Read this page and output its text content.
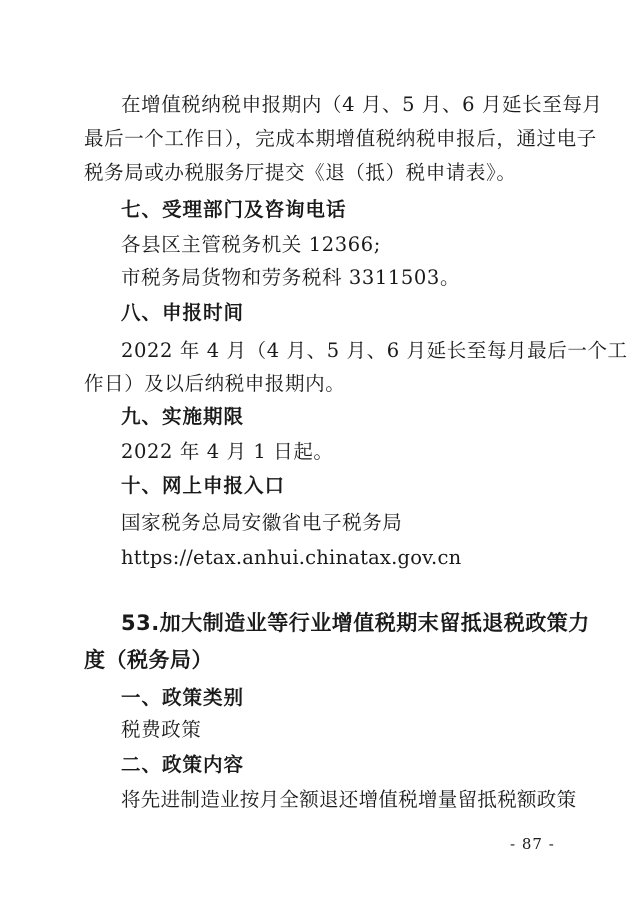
在增值税纳税申报期内（4 月、5 月、6 月延长至每月
最后一个工作日），完成本期增值税纳税申报后，通过电子
税务局或办税服务厅提交《退（抵）税申请表》。
七、受理部门及咨询电话
各县区主管税务机关 12366;
市税务局货物和劳务税科 3311503。
八、申报时间
2022 年 4 月（4 月、5 月、6 月延长至每月最后一个工
作日）及以后纳税申报期内。
九、实施期限
2022 年 4 月 1 日起。
十、网上申报入口
国家税务总局安徽省电子税务局
https://etax.anhui.chinatax.gov.cn
53.加大制造业等行业增值税期末留抵退税政策力
度（税务局）
一、政策类别
税费政策
二、政策内容
将先进制造业按月全额退还增值税增量留抵税额政策
- 87 -
